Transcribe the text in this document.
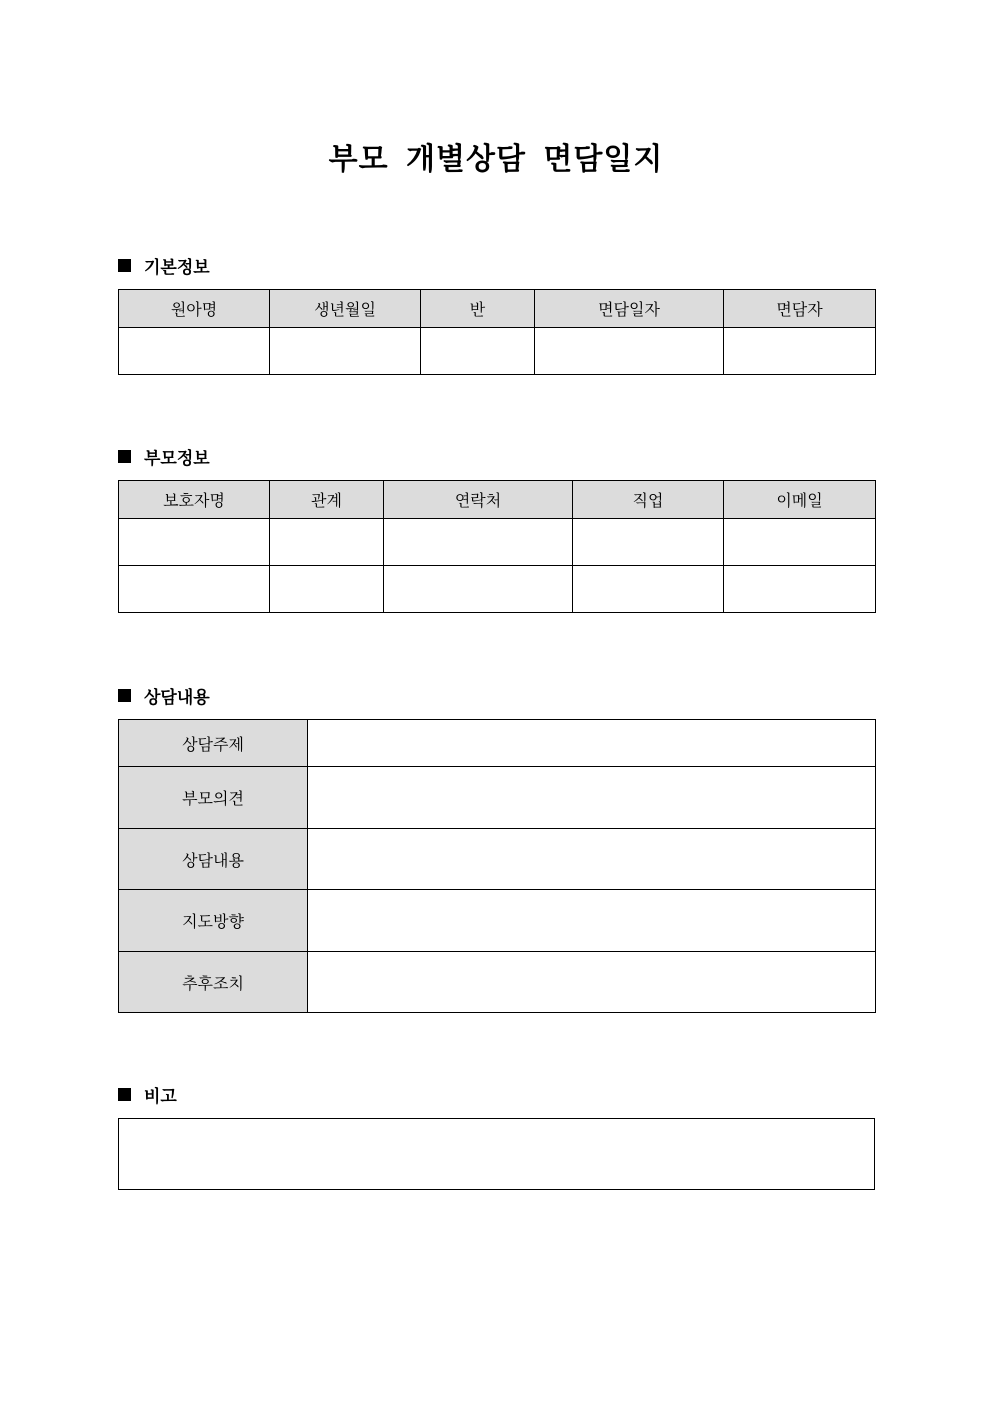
부모 개별상담 면담일지
기본정보
원아명	생년월일	반	면담일자	면담자

부모정보
보호자명	관계	연락처	직업	이메일

상담내용
상담주제	
부모의견	
상담내용	
지도방향	
추후조치	
비고
